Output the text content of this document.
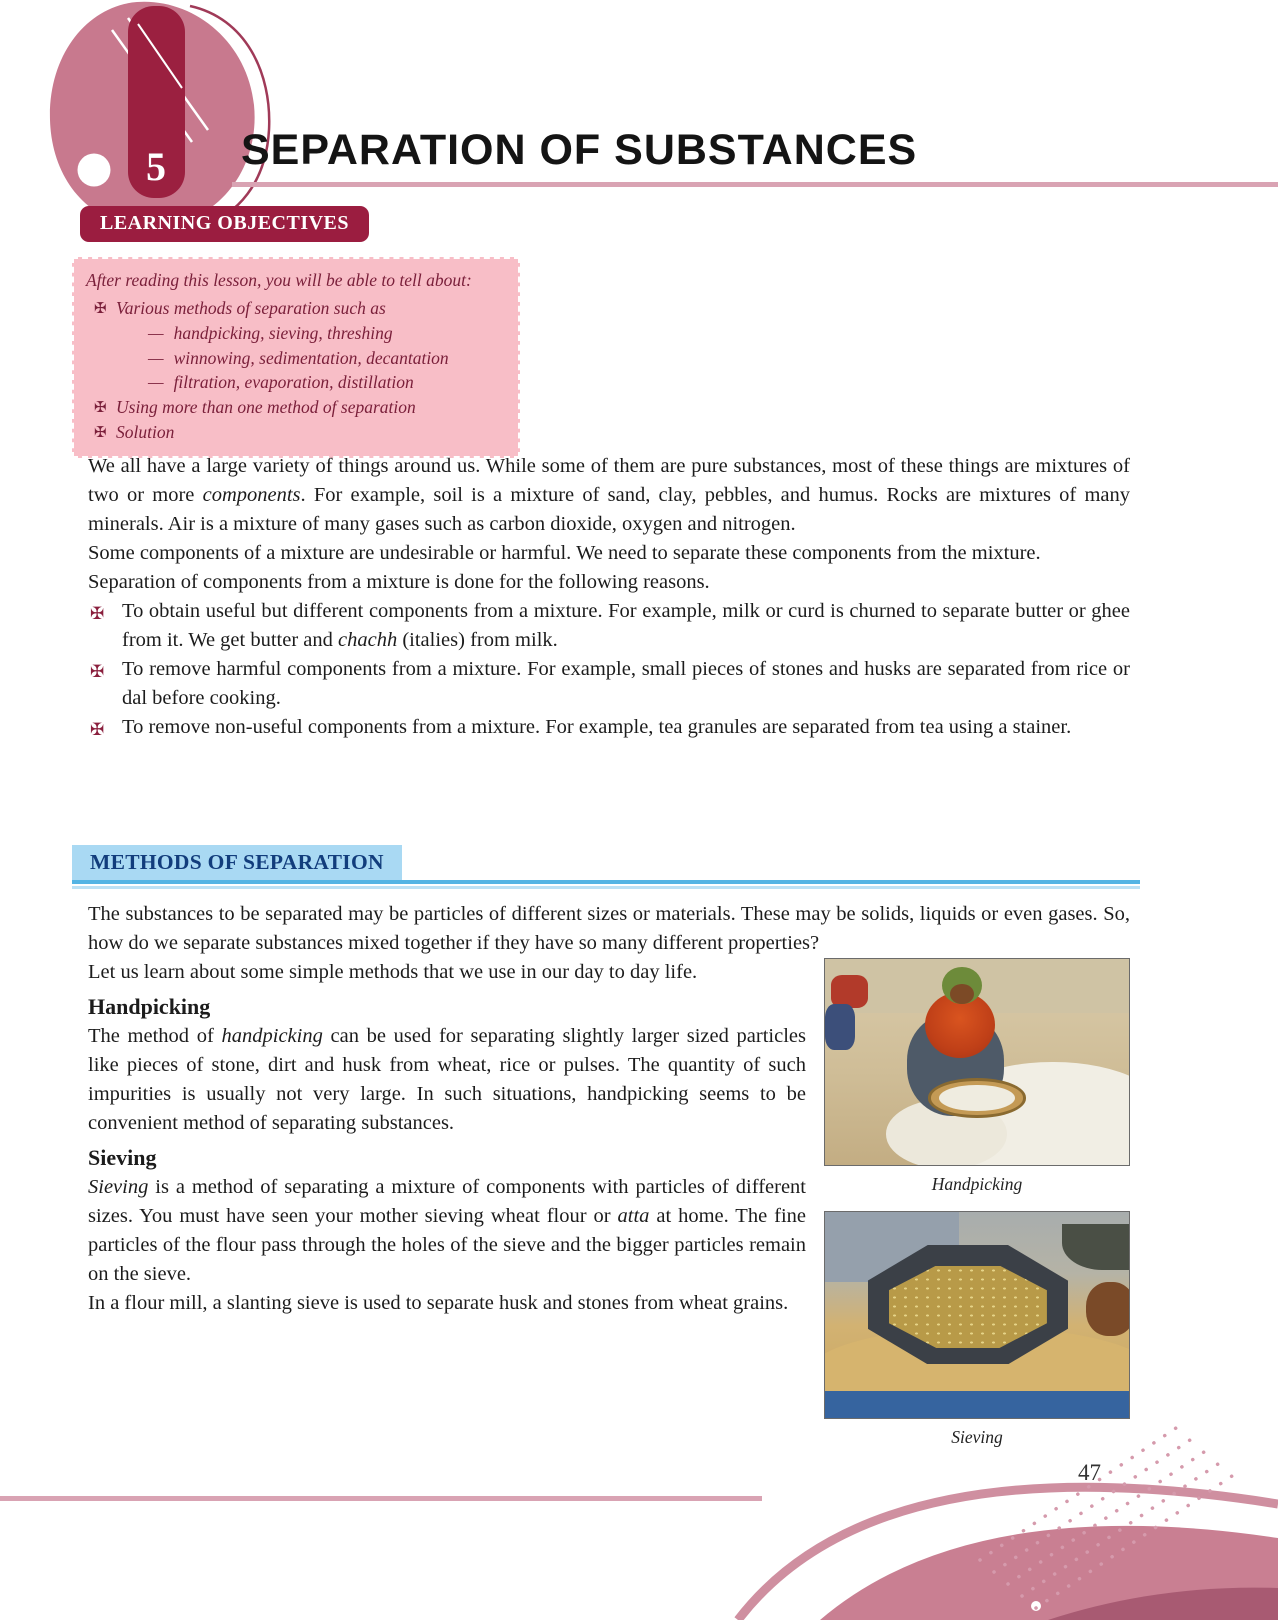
5 SEPARATION OF SUBSTANCES
LEARNING OBJECTIVES
After reading this lesson, you will be able to tell about:
✠ Various methods of separation such as
— handpicking, sieving, threshing
— winnowing, sedimentation, decantation
— filtration, evaporation, distillation
✠ Using more than one method of separation
✠ Solution

We all have a large variety of things around us. While some of them are pure substances, most of these things are mixtures of two or more components. For example, soil is a mixture of sand, clay, pebbles, and humus. Rocks are mixtures of many minerals. Air is a mixture of many gases such as carbon dioxide, oxygen and nitrogen.

Some components of a mixture are undesirable or harmful. We need to separate these components from the mixture.

Separation of components from a mixture is done for the following reasons.

✠ To obtain useful but different components from a mixture. For example, milk or curd is churned to separate butter or ghee from it. We get butter and chachh (italies) from milk.
✠ To remove harmful components from a mixture. For example, small pieces of stones and husks are separated from rice or dal before cooking.
✠ To remove non-useful components from a mixture. For example, tea granules are separated from tea using a stainer.
METHODS OF SEPARATION

The substances to be separated may be particles of different sizes or materials. These may be solids, liquids or even gases. So, how do we separate substances mixed together if they have so many different properties?

Handpicking
Sieving

Let us learn about some simple methods that we use in our day to day life.

Handpicking

The method of handpicking can be used for separating slightly larger sized particles like pieces of stone, dirt and husk from wheat, rice or pulses. The quantity of such impurities is usually not very large. In such situations, handpicking seems to be convenient method of separating substances.

Sieving

Sieving is a method of separating a mixture of components with particles of different sizes. You must have seen your mother sieving wheat flour or atta at home. The fine particles of the flour pass through the holes of the sieve and the bigger particles remain on the sieve.

In a flour mill, a slanting sieve is used to separate husk and stones from wheat grains.

47
